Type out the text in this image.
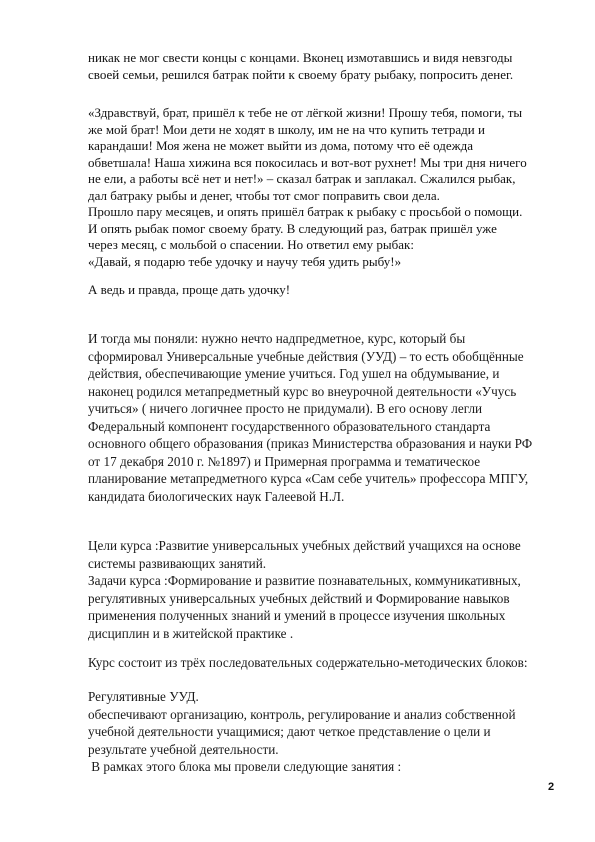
никак не мог свести концы с концами. Вконец измотавшись и видя невзгоды
своей семьи, решился батрак пойти к своему брату рыбаку, попросить денег.
«Здравствуй, брат, пришёл к тебе не от лёгкой жизни! Прошу тебя, помоги, ты
же мой брат! Мои дети не ходят в школу, им не на что купить тетради и
карандаши! Моя жена не может выйти из дома, потому что её одежда
обветшала! Наша хижина вся покосилась и вот-вот рухнет! Мы три дня ничего
не ели, а работы всё нет и нет!» – сказал батрак и заплакал. Сжалился рыбак,
дал батраку рыбы и денег, чтобы тот смог поправить свои дела.
Прошло пару месяцев, и опять пришёл батрак к рыбаку с просьбой о помощи.
И опять рыбак помог своему брату. В следующий раз, батрак пришёл уже
через месяц, с мольбой о спасении. Но ответил ему рыбак:
«Давай, я подарю тебе удочку и научу тебя удить рыбу!»
А ведь и правда, проще дать удочку!
И тогда мы поняли: нужно нечто надпредметное, курс, который бы
сформировал Универсальные учебные действия (УУД) – то есть обобщённые
действия, обеспечивающие умение учиться. Год ушел на обдумывание, и
наконец родился метапредметный курс во внеурочной деятельности «Учусь
учиться» ( ничего логичнее просто не придумали). В его основу легли
Федеральный компонент государственного образовательного стандарта
основного общего образования (приказ Министерства образования и науки РФ
от 17 декабря 2010 г. №1897) и Примерная программа и тематическое
планирование метапредметного курса «Сам себе учитель» профессора МПГУ,
кандидата биологических наук Галеевой Н.Л.
Цели курса :Развитие универсальных учебных действий учащихся на основе
системы развивающих занятий.
Задачи курса :Формирование и развитие познавательных, коммуникативных,
регулятивных универсальных учебных действий и Формирование навыков
применения полученных знаний и умений в процессе изучения школьных
дисциплин и в житейской практике .
Курс состоит из трёх последовательных содержательно-методических блоков:
Регулятивные УУД.
обеспечивают организацию, контроль, регулирование и анализ собственной
учебной деятельности учащимися; дают четкое представление о цели и
результате учебной деятельности.
В рамках этого блока мы провели следующие занятия :
2
